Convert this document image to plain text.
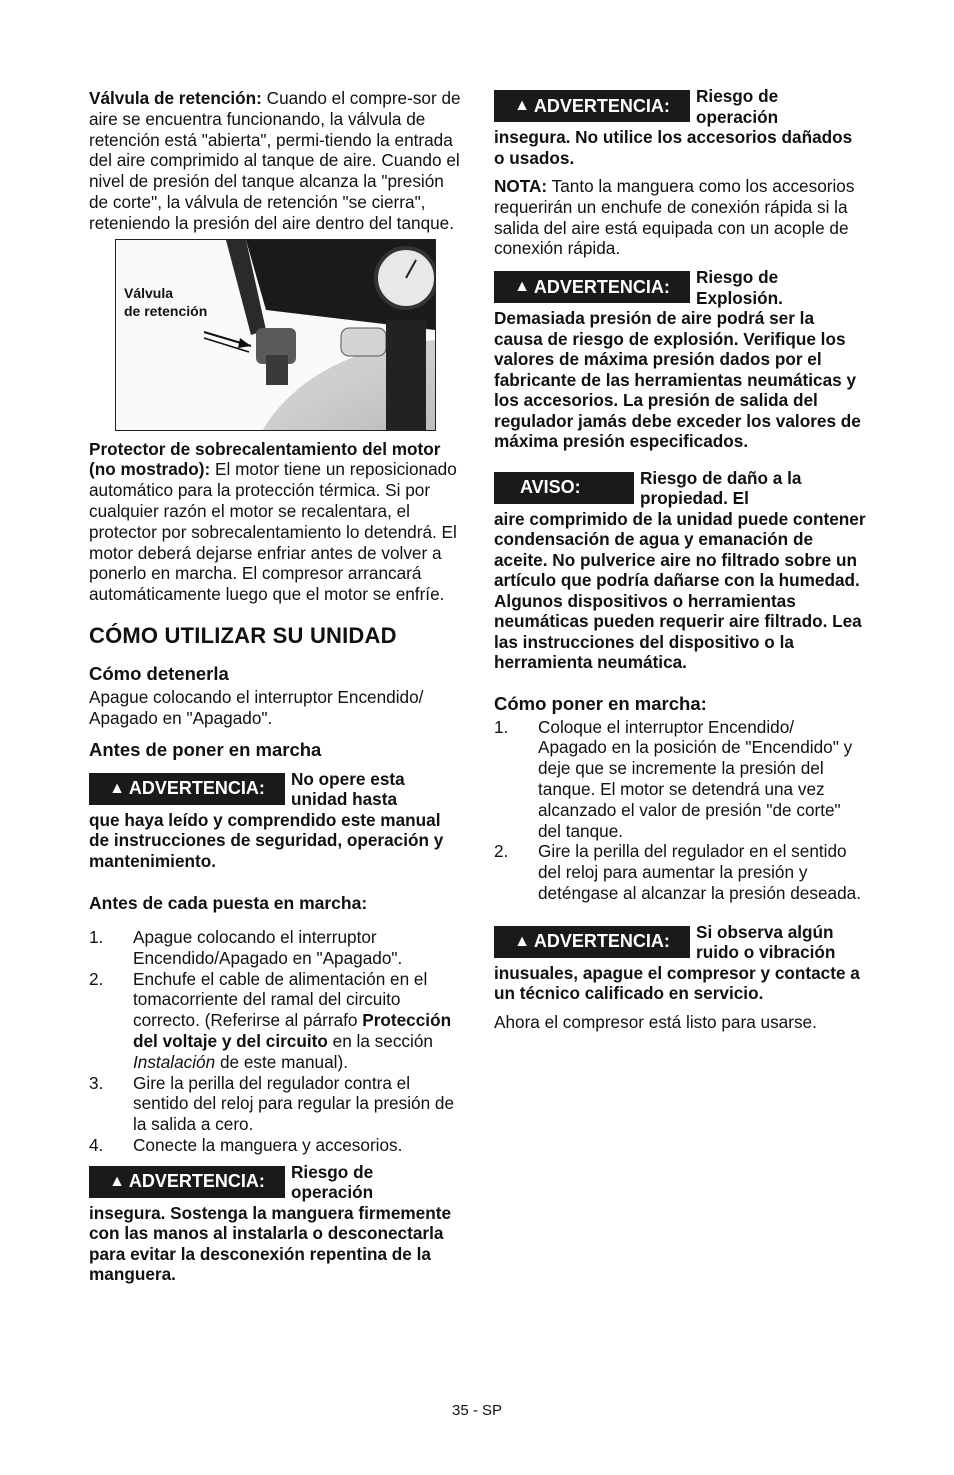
Válvula de retención: Cuando el compre-sor de aire se encuentra funcionando, la válvula de retención está "abierta", permi-tiendo la entrada del aire comprimido al tanque de aire. Cuando el nivel de presión del tanque alcanza la "presión de corte", la válvula de retención "se cierra", reteniendo la presión del aire dentro del tanque.

Válvula
de retención

Protector de sobrecalentamiento del motor (no mostrado): El motor tiene un reposicionado automático para la protección térmica. Si por cualquier razón el motor se recalentara, el protector por sobrecalentamiento lo detendrá. El motor deberá dejarse enfriar antes de volver a ponerlo en marcha. El compresor arrancará automáticamente luego que el motor se enfríe.

CÓMO UTILIZAR SU UNIDAD
Cómo detenerla

Apague colocando el interruptor Encendido/ Apagado en "Apagado".

Antes de poner en marcha
▲ ADVERTENCIA: No opere esta unidad hasta

que haya leído y comprendido este manual de instrucciones de seguridad, operación y mantenimiento.

Antes de cada puesta en marcha:
1. Apague colocando el interruptor Encendido/Apagado en "Apagado".
2. Enchufe el cable de alimentación en el tomacorriente del ramal del circuito correcto. (Referirse al párrafo Protección del voltaje y del circuito en la sección Instalación de este manual).
3. Gire la perilla del regulador contra el sentido del reloj para regular la presión de la salida a cero.
4. Conecte la manguera y accesorios.
▲ ADVERTENCIA: Riesgo de operación

insegura. Sostenga la manguera firmemente con las manos al instalarla o desconectarla para evitar la desconexión repentina de la manguera.

▲ ADVERTENCIA: Riesgo de operación

insegura. No utilice los accesorios dañados o usados.

NOTA: Tanto la manguera como los accesorios requerirán un enchufe de conexión rápida si la salida del aire está equipada con un acople de conexión rápida.

▲ ADVERTENCIA: Riesgo de Explosión.

Demasiada presión de aire podrá ser la causa de riesgo de explosión. Verifique los valores de máxima presión dados por el fabricante de las herramientas neumáticas y los accesorios. La presión de salida del regulador jamás debe exceder los valores de máxima presión especificados.

AVISO:	Riesgo de daño a la propiedad. El

aire comprimido de la unidad puede contener condensación de agua y emanación de aceite. No pulverice aire no filtrado sobre un artículo que podría dañarse con la humedad. Algunos dispositivos o herramientas neumáticas pueden requerir aire filtrado. Lea las instrucciones del dispositivo o la herramienta neumática.

Cómo poner en marcha:
1. Coloque el interruptor Encendido/ Apagado en la posición de "Encendido" y deje que se incremente la presión del tanque. El motor se detendrá una vez alcanzado el valor de presión "de corte" del tanque.
2. Gire la perilla del regulador en el sentido del reloj para aumentar la presión y deténgase al alcanzar la presión deseada.
▲ ADVERTENCIA: Si observa algún ruido o vibración

inusuales, apague el compresor y contacte a un técnico calificado en servicio.

Ahora el compresor está listo para usarse.

35 - SP
